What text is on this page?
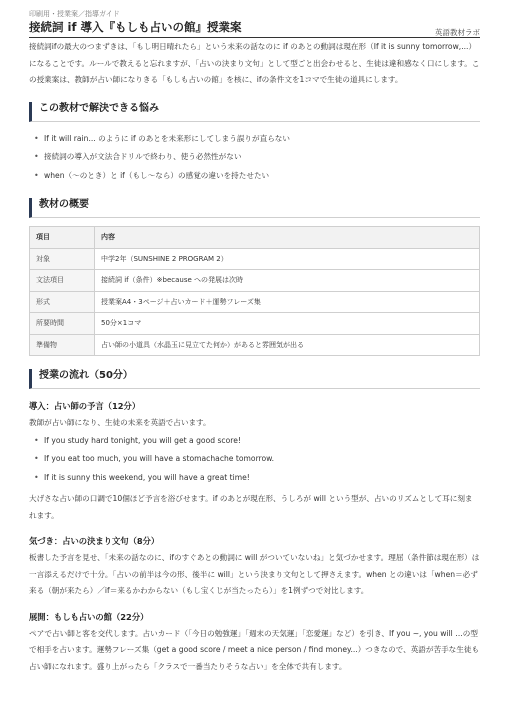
印刷用・授業案／指導ガイド
接続詞 if 導入『もしも占いの館』授業案	英語教材ラボ

接続詞ifの最大のつまずきは、「もし明日晴れたら」という未来の話なのに if のあとの動詞は現在形（If it is sunny tomorrow,...）になることです。ルールで教えると忘れますが、「占いの決まり文句」として型ごと出会わせると、生徒は違和感なく口にします。この授業案は、教師が占い師になりきる「もしも占いの館」を核に、ifの条件文を1コマで生徒の道具にします。

この教材で解決できる悩み
• If it will rain... のように if のあとを未来形にしてしまう誤りが直らない
• 接続詞の導入が文法合ドリルで終わり、使う必然性がない
• when（〜のとき）と if（もし〜なら）の感覚の違いを持たせたい
教材の概要
項目	内容
対象	中学2年（SUNSHINE 2 PROGRAM 2）
文法項目	接続詞 if（条件）※because への発展は次時
形式	授業案A4・3ページ＋占いカード＋運勢フレーズ集
所要時間	50分×1コマ
準備物	占い師の小道具（水晶玉に見立てた何か）があると雰囲気が出る
授業の流れ（50分）
導入：占い師の予言（12分）

教師が占い師になり、生徒の未来を英語で占います。

• If you study hard tonight, you will get a good score!
• If you eat too much, you will have a stomachache tomorrow.
• If it is sunny this weekend, you will have a great time!

大げさな占い師の口調で10個ほど予言を浴びせます。if のあとが現在形、うしろが will という型が、占いのリズムとして耳に刻まれます。

気づき：占いの決まり文句（8分）

板書した予言を見せ、「未来の話なのに、ifのすぐあとの動詞に will がついていないね」と気づかせます。理屈（条件節は現在形）は一言添えるだけで十分。「占いの前半は今の形、後半に will」という決まり文句として押さえます。when との違いは「when＝必ず来る（朝が来たら）／if＝来るかわからない（もし宝くじが当たったら）」を1例ずつで対比します。

展開：もしも占いの館（22分）

ペアで占い師と客を交代します。占いカード（「今日の勉強運」「週末の天気運」「恋愛運」など）を引き、If you ~, you will …の型で相手を占います。運勢フレーズ集（get a good score / meet a nice person / find money...）つきなので、英語が苦手な生徒も占い師になれます。盛り上がったら「クラスで一番当たりそうな占い」を全体で共有します。
